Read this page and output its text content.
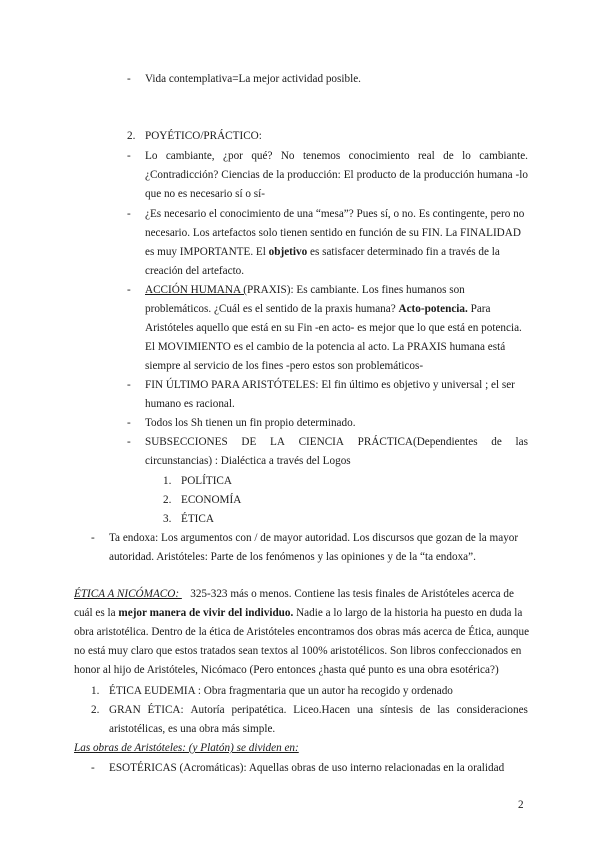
- Vida contemplativa=La mejor actividad posible.
2. POYÉTICO/PRÁCTICO:
- Lo cambiante, ¿por qué? No tenemos conocimiento real de lo cambiante.
¿Contradicción? Ciencias de la producción: El producto de la producción humana -lo
que no es necesario sí o sí-
- ¿Es necesario el conocimiento de una “mesa”? Pues sí, o no. Es contingente, pero no
necesario. Los artefactos solo tienen sentido en función de su FIN. La FINALIDAD
es muy IMPORTANTE. El objetivo es satisfacer determinado fin a través de la
creación del artefacto.
- ACCIÓN HUMANA (PRAXIS): Es cambiante. Los fines humanos son
problemáticos. ¿Cuál es el sentido de la praxis humana? Acto-potencia. Para
Aristóteles aquello que está en su Fin -en acto- es mejor que lo que está en potencia.
El MOVIMIENTO es el cambio de la potencia al acto. La PRAXIS humana está
siempre al servicio de los fines -pero estos son problemáticos-
- FIN ÚLTIMO PARA ARISTÓTELES: El fin último es objetivo y universal ; el ser
humano es racional.
- Todos los Sh tienen un fin propio determinado.
- SUBSECCIONES DE LA CIENCIA PRÁCTICA(Dependientes de las
circunstancias) : Dialéctica a través del Logos
1. POLÍTICA
2. ECONOMÍA
3. ÉTICA
- Ta endoxa: Los argumentos con / de mayor autoridad. Los discursos que gozan de la mayor
autoridad. Aristóteles: Parte de los fenómenos y las opiniones y de la “ta endoxa”.
ÉTICA A NICÓMACO:    325-323 más o menos. Contiene las tesis finales de Aristóteles acerca de
cuál es la mejor manera de vivir del individuo. Nadie a lo largo de la historia ha puesto en duda la
obra aristotélica. Dentro de la ética de Aristóteles encontramos dos obras más acerca de Ética, aunque
no está muy claro que estos tratados sean textos al 100% aristotélicos. Son libros confeccionados en
honor al hijo de Aristóteles, Nicómaco (Pero entonces ¿hasta qué punto es una obra esotérica?)
1. ÉTICA EUDEMIA : Obra fragmentaria que un autor ha recogido y ordenado
2. GRAN ÉTICA: Autoría peripatética. Liceo.Hacen una síntesis de las consideraciones
aristotélicas, es una obra más simple.
Las obras de Aristóteles: (y Platón) se dividen en:
- ESOTÉRICAS (Acromáticas): Aquellas obras de uso interno relacionadas en la oralidad
2
